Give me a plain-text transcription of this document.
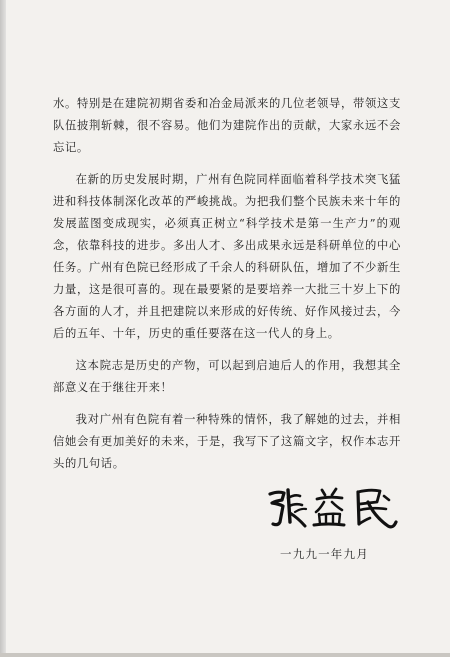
水。特别是在建院初期省委和冶金局派来的几位老领导，带领这支队伍披荆斩棘，很不容易。他们为建院作出的贡献，大家永远不会忘记。

在新的历史发展时期，广州有色院同样面临着科学技术突飞猛进和科技体制深化改革的严峻挑战。为把我们整个民族未来十年的发展蓝图变成现实，必须真正树立“科学技术是第一生产力”的观念，依靠科技的进步。多出人才、多出成果永远是科研单位的中心任务。广州有色院已经形成了千余人的科研队伍，增加了不少新生力量，这是很可喜的。现在最要紧的是要培养一大批三十岁上下的各方面的人才，并且把建院以来形成的好传统、好作风接过去，今后的五年、十年，历史的重任要落在这一代人的身上。

这本院志是历史的产物，可以起到启迪后人的作用，我想其全部意义在于继往开来！

我对广州有色院有着一种特殊的情怀，我了解她的过去，并相信她会有更加美好的未来，于是，我写下了这篇文字，权作本志开头的几句话。

一九九一年九月
